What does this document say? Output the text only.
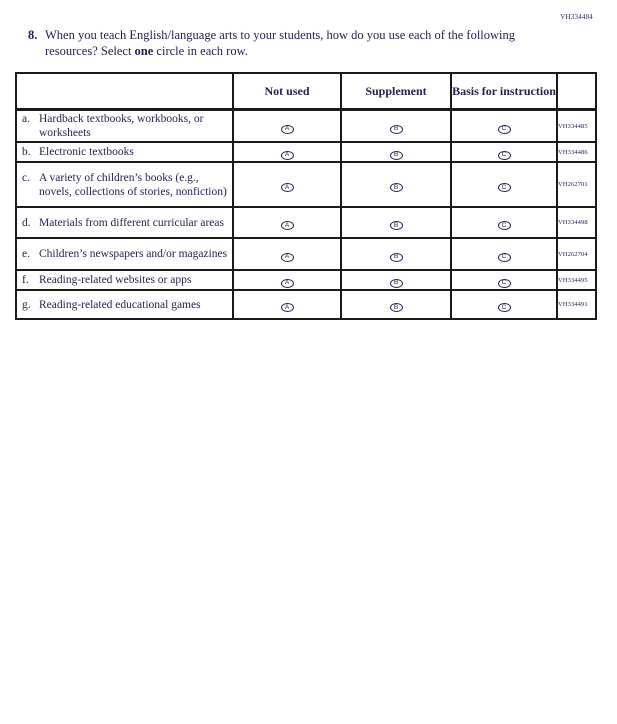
VH334484
8. When you teach English/language arts to your students, how do you use each of the following resources? Select one circle in each row.
	Not used	Supplement	Basis for instruction	

a. Hardback textbooks, workbooks, or worksheets	A	B	C	VH334485

b. Electronic textbooks	A	B	C	VH334486

c. A variety of children’s books (e.g., novels, collections of stories, nonfiction)	A	B	C	VH262701

d. Materials from different curricular areas	A	B	C	VH334498

e. Children’s newspapers and/or magazines	A	B	C	VH262704

f. Reading-related websites or apps	A	B	C	VH334495

g. Reading-related educational games	A	B	C	VH334491
